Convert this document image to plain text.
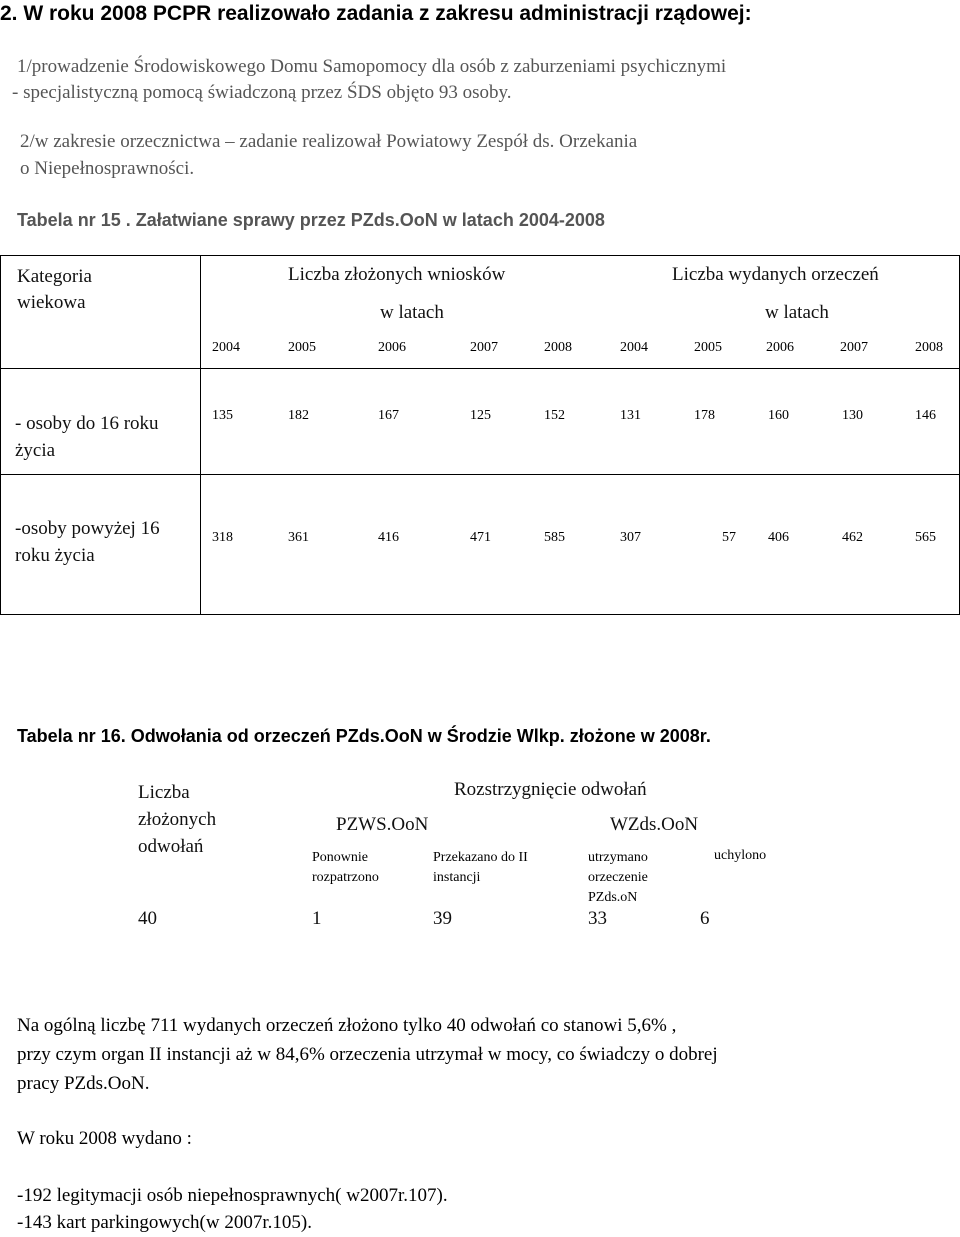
2. W roku 2008 PCPR realizowało zadania z zakresu administracji rządowej:
1/prowadzenie Środowiskowego Domu Samopomocy dla osób z zaburzeniami psychicznymi
- specjalistyczną pomocą świadczoną przez ŚDS objęto 93 osoby.
2/w zakresie orzecznictwa – zadanie realizował Powiatowy Zespół ds. Orzekania
o Niepełnosprawności.
Tabela nr 15 . Załatwiane sprawy przez PZds.OoN w latach 2004-2008
Kategoria
wiekowa
Liczba złożonych wniosków
w latach
Liczba wydanych orzeczeń
w latach
2004	2005	2006	2007	2008	2004	2005	2006	2007	2008
- osoby do 16 roku
życia
135	182	167	125	152	131	178	160	130	146
-osoby powyżej 16
roku życia
318	361	416	471	585	307	57 406	462	565
Tabela nr 16. Odwołania od orzeczeń PZds.OoN w Środzie Wlkp. złożone w 2008r.
Liczba
złożonych
odwołań
Rozstrzygnięcie odwołań
PZWS.OoN	WZds.OoN
Ponownie
rozpatrzono
Przekazano do II
instancji
utrzymano
orzeczenie
PZds.oN
uchylono
40	1	39	33	6
Na ogólną liczbę 711 wydanych orzeczeń złożono tylko 40 odwołań co stanowi 5,6% ,
przy czym organ II instancji aż w 84,6% orzeczenia utrzymał w mocy, co świadczy o dobrej
pracy PZds.OoN.
W roku 2008 wydano :
-192 legitymacji osób niepełnosprawnych( w2007r.107).
-143 kart parkingowych(w 2007r.105).
